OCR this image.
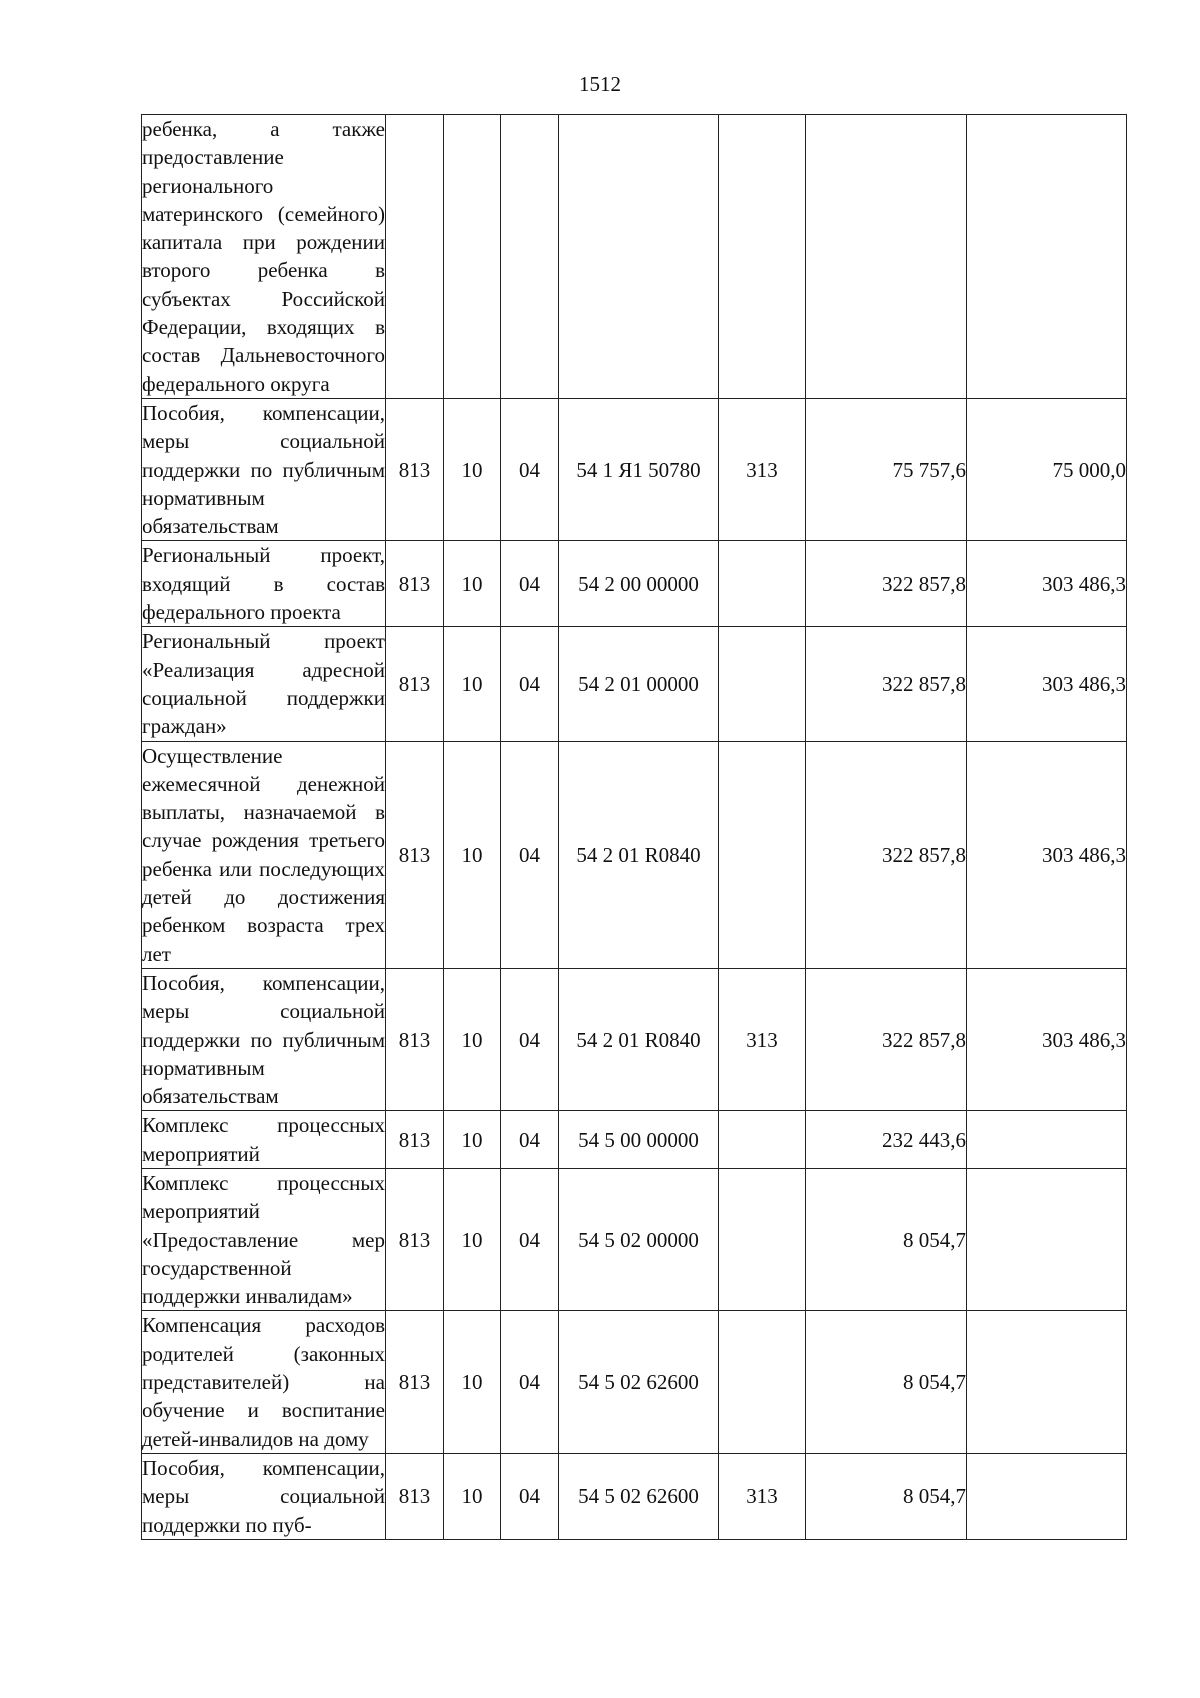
1512
ребенка, а также предоставление регионального материнского (семейного) капитала при рождении второго ребенка в субъектах Российской Федерации, входящих в состав Дальневосточного федерального округа							
Пособия, компенсации, меры социальной поддержки по публичным нормативным обязательствам	813	10	04	54 1 Я1 50780	313	75 757,6	75 000,0
Региональный проект, входящий в состав федерального проекта	813	10	04	54 2 00 00000		322 857,8	303 486,3
Региональный проект «Реализация адресной социальной поддержки граждан»	813	10	04	54 2 01 00000		322 857,8	303 486,3
Осуществление ежемесячной денежной выплаты, назначаемой в случае рождения третьего ребенка или последующих детей до достижения ребенком возраста трех лет	813	10	04	54 2 01 R0840		322 857,8	303 486,3
Пособия, компенсации, меры социальной поддержки по публичным нормативным обязательствам	813	10	04	54 2 01 R0840	313	322 857,8	303 486,3
Комплекс процессных мероприятий	813	10	04	54 5 00 00000		232 443,6	
Комплекс процессных мероприятий «Предоставление мер государственной поддержки инвалидам»	813	10	04	54 5 02 00000		8 054,7	
Компенсация расходов родителей (законных представителей) на обучение и воспитание детей-инвалидов на дому	813	10	04	54 5 02 62600		8 054,7	
Пособия, компенсации, меры социальной поддержки по пуб-	813	10	04	54 5 02 62600	313	8 054,7	
